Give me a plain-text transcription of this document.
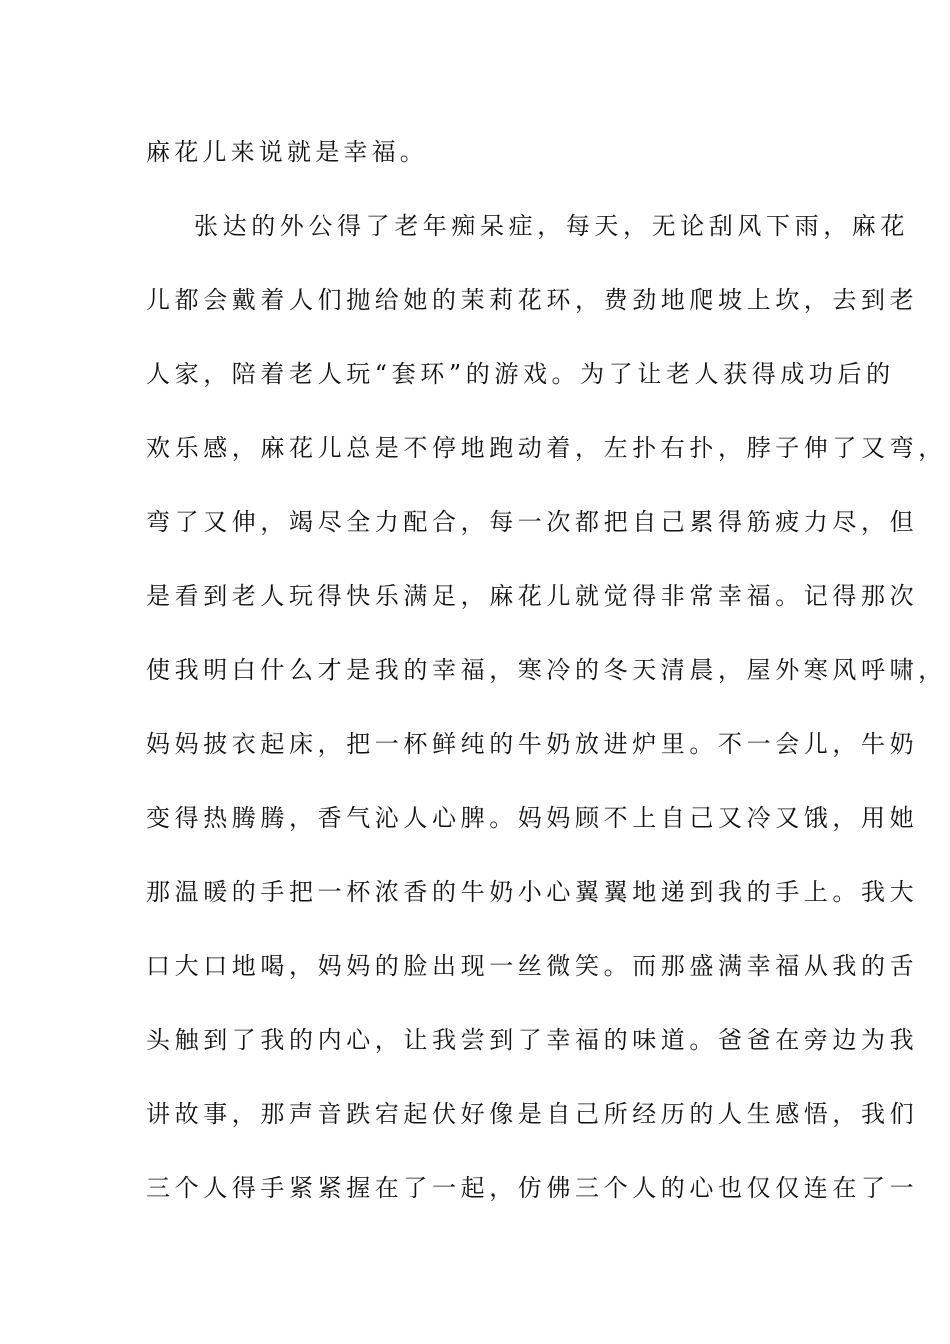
麻花儿来说就是幸福。
张达的外公得了老年痴呆症，每天，无论刮风下雨，麻花
儿都会戴着人们抛给她的茉莉花环，费劲地爬坡上坎，去到老
人家，陪着老人玩“套环”的游戏。为了让老人获得成功后的
欢乐感，麻花儿总是不停地跑动着，左扑右扑，脖子伸了又弯，
弯了又伸，竭尽全力配合，每一次都把自己累得筋疲力尽，但
是看到老人玩得快乐满足，麻花儿就觉得非常幸福。记得那次
使我明白什么才是我的幸福，寒冷的冬天清晨，屋外寒风呼啸，
妈妈披衣起床，把一杯鲜纯的牛奶放进炉里。不一会儿，牛奶
变得热腾腾，香气沁人心脾。妈妈顾不上自己又冷又饿，用她
那温暖的手把一杯浓香的牛奶小心翼翼地递到我的手上。我大
口大口地喝，妈妈的脸出现一丝微笑。而那盛满幸福从我的舌
头触到了我的内心，让我尝到了幸福的味道。爸爸在旁边为我
讲故事，那声音跌宕起伏好像是自己所经历的人生感悟，我们
三个人得手紧紧握在了一起，仿佛三个人的心也仅仅连在了一
